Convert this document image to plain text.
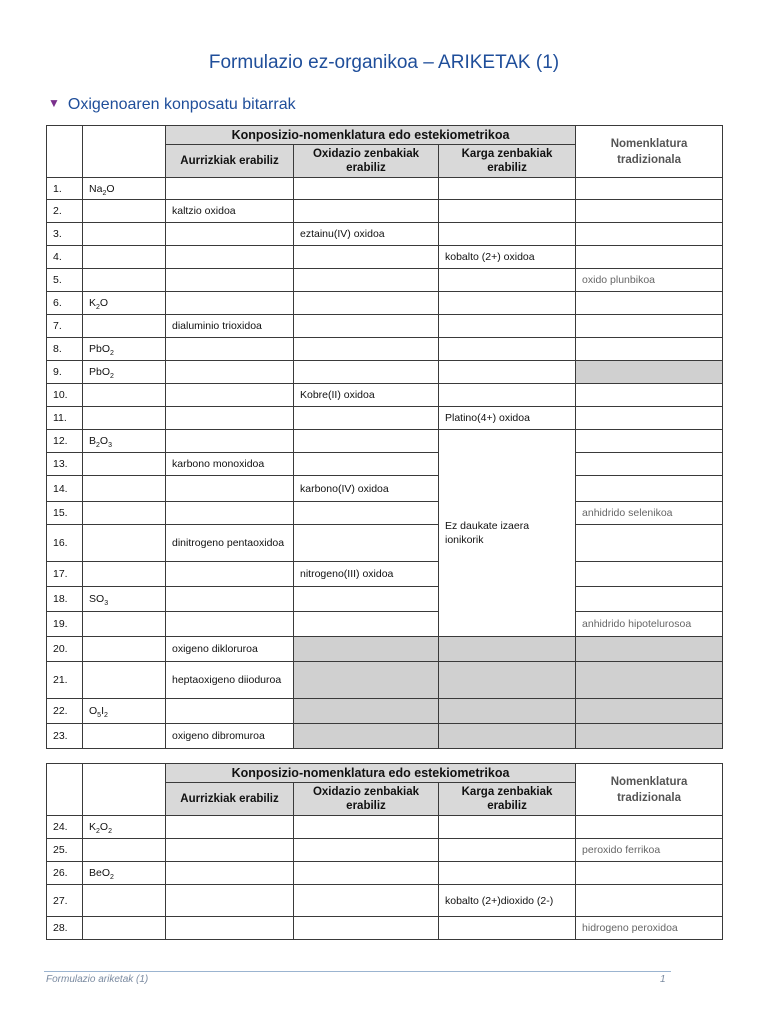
Formulazio ez-organikoa – ARIKETAK (1)
▼ Oxigenoaren konposatu bitarrak
		Konposizio-nomenklatura edo estekiometrikoa			Nomenklatura tradizionala
		Aurrizkiak erabiliz	Oxidazio zenbakiak erabiliz	Karga zenbakiak erabiliz	
1.	$Na_2O$				
2.		kaltzio oxidoa			
3.			eztainu(IV) oxidoa		
4.				kobalto (2+) oxidoa	
5.					oxido plunbikoa
6.	$K_2O$				
7.		dialuminio trioxidoa			
8.	PbO$_2$				
9.	PbO$_2$				
10.			Kobre(II) oxidoa		
11.				Platino(4+) oxidoa	
12.	$B_2O_3$			Ez daukate izaera ionikorik	
13.		karbono monoxidoa			
14.			karbono(IV) oxidoa		
15.					anhidrido selenikoa
16.		dinitrogeno pentaoxidoa			
17.			nitrogeno(III) oxidoa		
18.	$SO_3$			
19.					anhidrido hipotelurosoa
20.		oxigeno dikloruroa			
21.		heptaoxigeno diioduroa			
22.	$O_5I_2$				
23.		oxigeno dibromuroa			
		Konposizio-nomenklatura edo estekiometrikoa			Nomenklatura tradizionala
		Aurrizkiak erabiliz	Oxidazio zenbakiak erabiliz	Karga zenbakiak erabiliz	
24.	$K_2O_2$				
25.					peroxido ferrikoa
26.	BeO$_2$				
27.				kobalto (2+)dioxido (2-)	
28.					hidrogeno peroxidoa
Formulazio ariketak (1)	1
